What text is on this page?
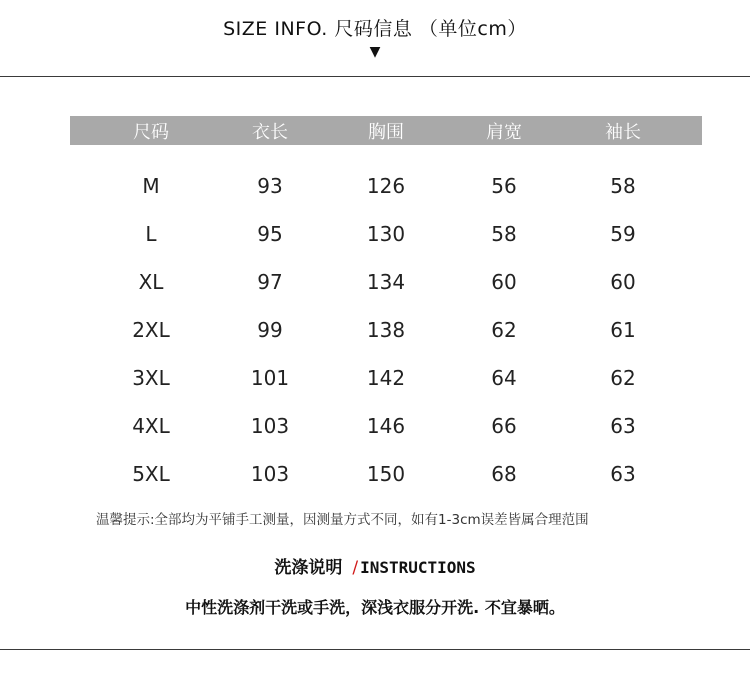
SIZE INFO. 尺码信息 （单位cm）
▼
尺码	衣长	胸围	肩宽	袖长
M	93	126	56	58
L	95	130	58	59
XL	97	134	60	60
2XL	99	138	62	61
3XL	101	142	64	62
4XL	103	146	66	63
5XL	103	150	68	63
温馨提示:全部均为平铺手工测量，因测量方式不同，如有1-3cm误差皆属合理范围
洗涤说明 / INSTRUCTIONS
中性洗涤剂干洗或手洗，深浅衣服分开洗. 不宜暴晒。
